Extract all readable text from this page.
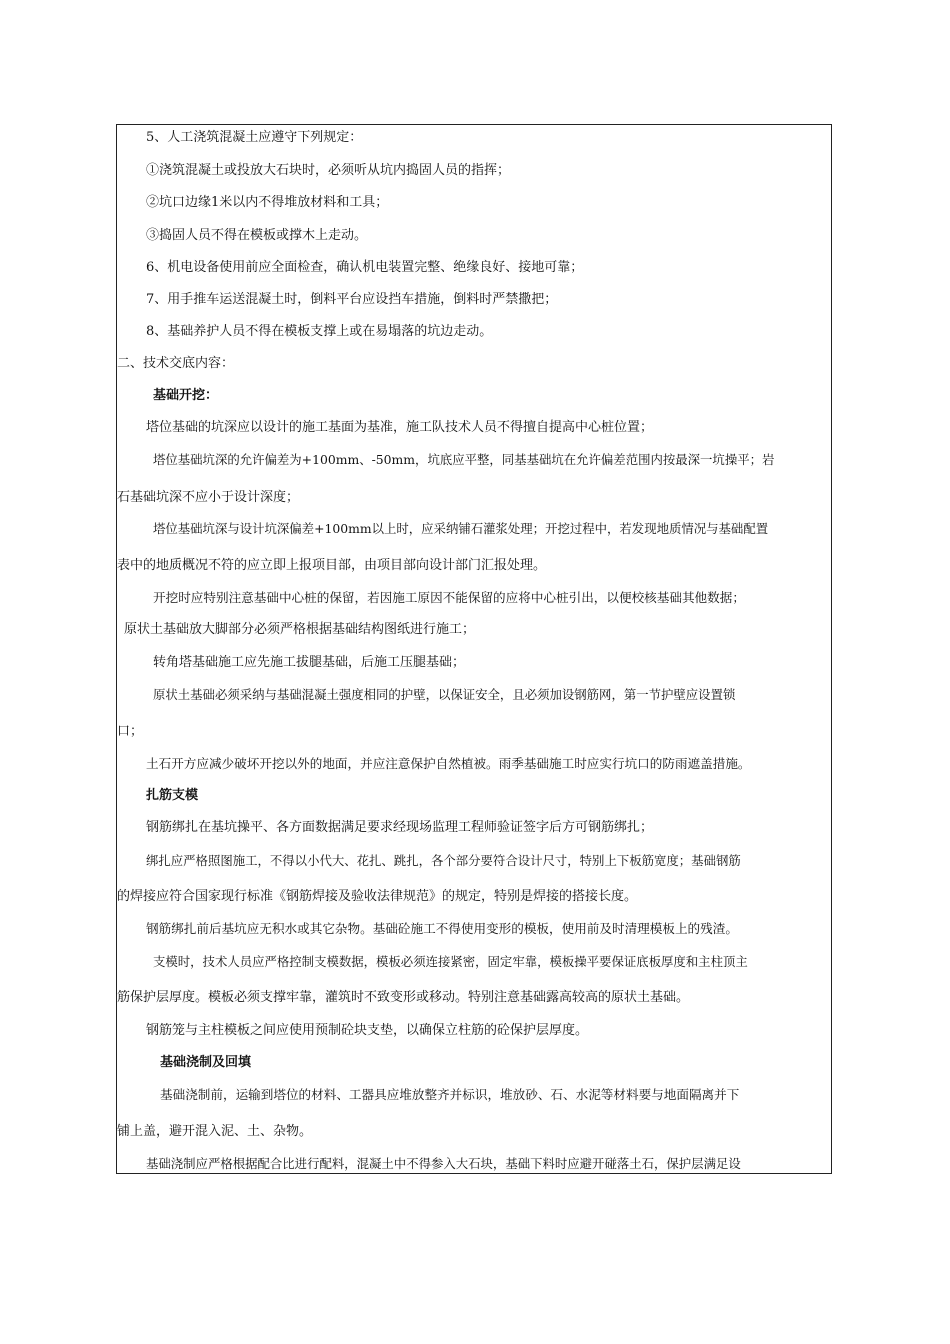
5、人工浇筑混凝土应遵守下列规定：
①浇筑混凝土或投放大石块时，必须听从坑内捣固人员的指挥；
②坑口边缘1米以内不得堆放材料和工具；
③捣固人员不得在模板或撑木上走动。
6、机电设备使用前应全面检查，确认机电装置完整、绝缘良好、接地可靠；
7、用手推车运送混凝土时，倒料平台应设挡车措施，倒料时严禁撒把；
8、基础养护人员不得在模板支撑上或在易塌落的坑边走动。
二、技术交底内容：
基础开挖：
塔位基础的坑深应以设计的施工基面为基准，施工队技术人员不得擅自提高中心桩位置；
塔位基础坑深的允许偏差为+100mm、-50mm，坑底应平整，同基基础坑在允许偏差范围内按最深一坑操平；岩
石基础坑深不应小于设计深度；
塔位基础坑深与设计坑深偏差+100mm以上时，应采纳铺石灌浆处理；开挖过程中，若发现地质情况与基础配置
表中的地质概况不符的应立即上报项目部，由项目部向设计部门汇报处理。
开挖时应特别注意基础中心桩的保留，若因施工原因不能保留的应将中心桩引出，以便校核基础其他数据；
原状土基础放大脚部分必须严格根据基础结构图纸进行施工；
转角塔基础施工应先施工拔腿基础，后施工压腿基础；
原状土基础必须采纳与基础混凝土强度相同的护壁，以保证安全，且必须加设钢筋网，第一节护壁应设置锁
口；
土石开方应减少破坏开挖以外的地面，并应注意保护自然植被。雨季基础施工时应实行坑口的防雨遮盖措施。
扎筋支模
钢筋绑扎在基坑操平、各方面数据满足要求经现场监理工程师验证签字后方可钢筋绑扎；
绑扎应严格照图施工，不得以小代大、花扎、跳扎，各个部分要符合设计尺寸，特别上下板筋宽度；基础钢筋
的焊接应符合国家现行标准《钢筋焊接及验收法律规范》的规定，特别是焊接的搭接长度。
钢筋绑扎前后基坑应无积水或其它杂物。基础砼施工不得使用变形的模板，使用前及时清理模板上的残渣。
支模时，技术人员应严格控制支模数据，模板必须连接紧密，固定牢靠，模板操平要保证底板厚度和主柱顶主
筋保护层厚度。模板必须支撑牢靠，灌筑时不致变形或移动。特别注意基础露高较高的原状土基础。
钢筋笼与主柱模板之间应使用预制砼块支垫，以确保立柱筋的砼保护层厚度。
基础浇制及回填
基础浇制前，运输到塔位的材料、工器具应堆放整齐并标识，堆放砂、石、水泥等材料要与地面隔离并下
铺上盖，避开混入泥、土、杂物。
基础浇制应严格根据配合比进行配料，混凝土中不得参入大石块，基础下料时应避开碰落土石，保护层满足设
